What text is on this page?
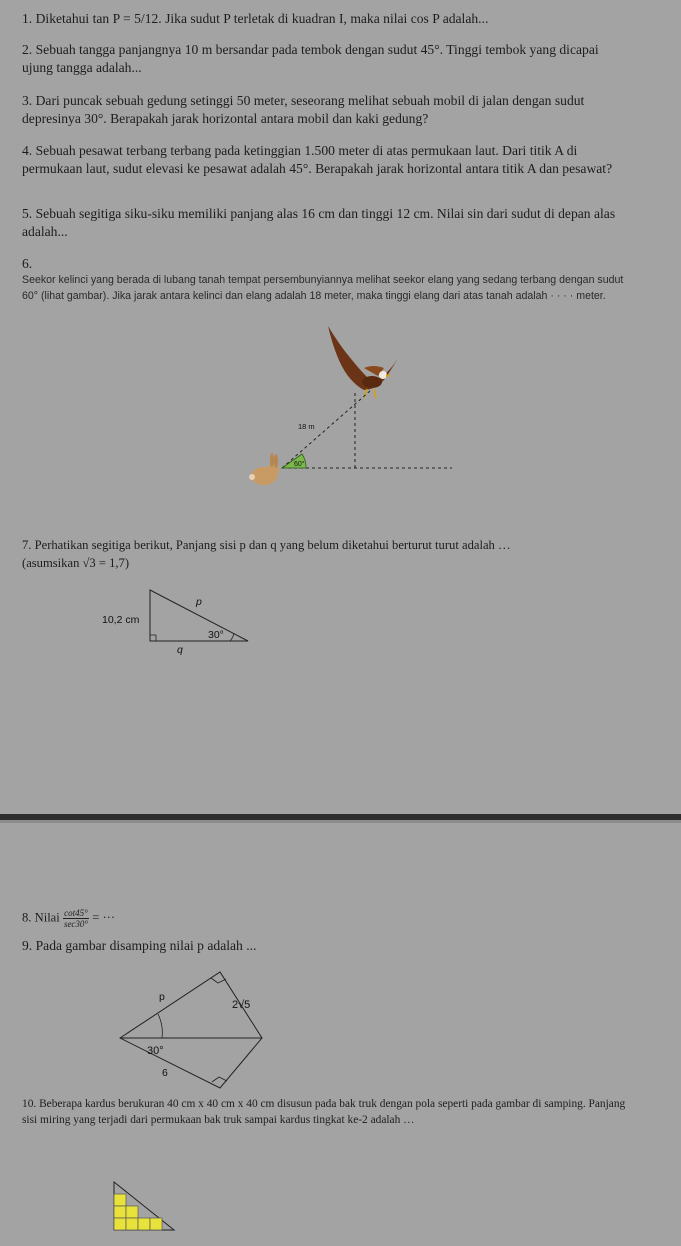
1. Diketahui tan P = 5/12. Jika sudut P terletak di kuadran I, maka nilai cos P adalah...

2. Sebuah tangga panjangnya 10 m bersandar pada tembok dengan sudut 45°. Tinggi tembok yang dicapai ujung tangga adalah...

3. Dari puncak sebuah gedung setinggi 50 meter, seseorang melihat sebuah mobil di jalan dengan sudut depresinya 30°. Berapakah jarak horizontal antara mobil dan kaki gedung?

4. Sebuah pesawat terbang terbang pada ketinggian 1.500 meter di atas permukaan laut. Dari titik A di permukaan laut, sudut elevasi ke pesawat adalah 45°. Berapakah jarak horizontal antara titik A dan pesawat?

5. Sebuah segitiga siku-siku memiliki panjang alas 16 cm dan tinggi 12 cm. Nilai sin dari sudut di depan alas adalah...

6.

Seekor kelinci yang berada di lubang tanah tempat persembunyiannya melihat seekor elang yang sedang terbang dengan sudut 60° (lihat gambar). Jika jarak antara kelinci dan elang adalah 18 meter, maka tinggi elang dari atas tanah adalah · · · · meter.

60°
18 m

7. Perhatikan segitiga berikut, Panjang sisi p dan q yang belum diketahui berturut turut adalah …

(asumsikan √3 = 1,7)

10,2 cm
p
q
30°

8. Nilai $\frac{\cot 45^\circ}{\sec 30^\circ}$ = ···

9. Pada gambar disamping nilai p adalah ...

p
2√5
30°
6

10. Beberapa kardus berukuran 40 cm x 40 cm x 40 cm disusun pada bak truk dengan pola seperti pada gambar di samping. Panjang sisi miring yang terjadi dari permukaan bak truk sampai kardus tingkat ke-2 adalah …
